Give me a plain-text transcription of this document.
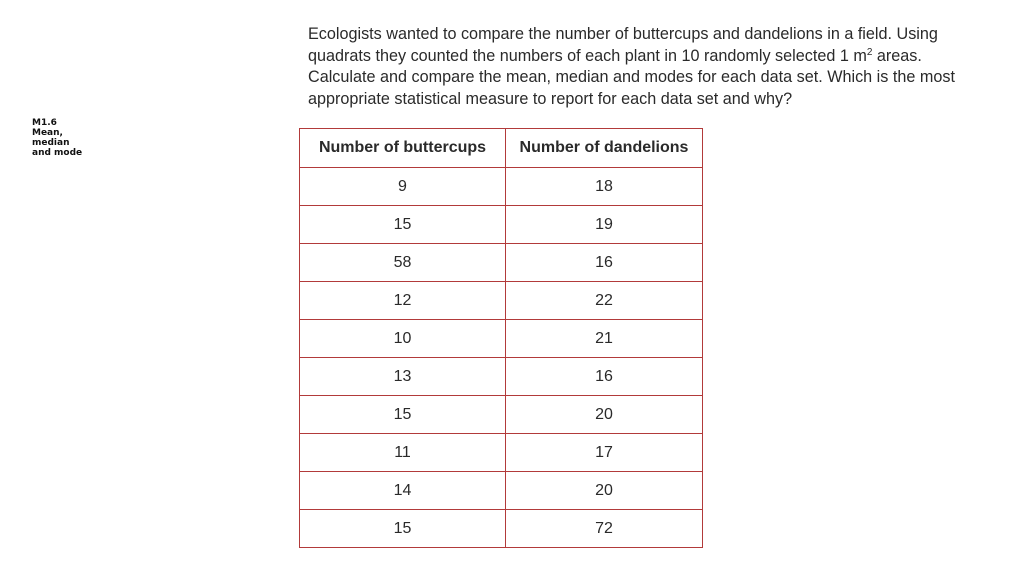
M1.6
Mean,
median
and mode
Ecologists wanted to compare the number of buttercups and dandelions in a field. Using quadrats they counted the numbers of each plant in 10 randomly selected 1 $m^2$ areas. Calculate and compare the mean, median and modes for each data set. Which is the most appropriate statistical measure to report for each data set and why?
Number of buttercups	Number of dandelions
9	18
15	19
58	16
12	22
10	21
13	16
15	20
11	17
14	20
15	72
